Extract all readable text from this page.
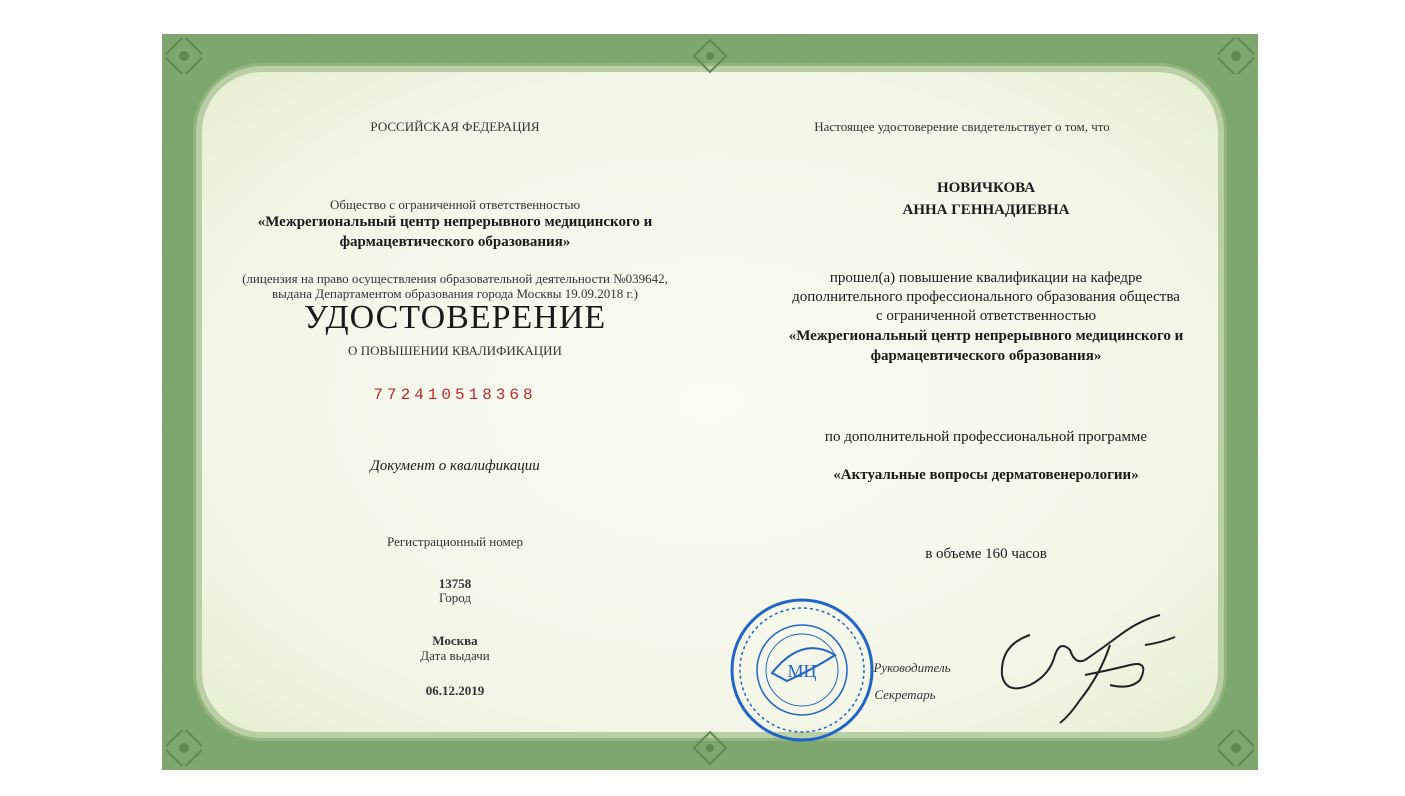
РОССИЙСКАЯ ФЕДЕРАЦИЯ
Общество с ограниченной ответственностью
«Межрегиональный центр непрерывного медицинского и
фармацевтического образования»
(лицензия на право осуществления образовательной деятельности №039642,
выдана Департаментом образования города Москвы 19.09.2018 г.)
УДОСТОВЕРЕНИЕ
О ПОВЫШЕНИИ КВАЛИФИКАЦИИ
772410518368
Документ о квалификации
Регистрационный номер
13758
Город
Москва
Дата выдачи
06.12.2019
Настоящее удостоверение свидетельствует о том, что
НОВИЧКОВА
АННА ГЕННАДИЕВНА
прошел(а) повышение квалификации на кафедре
дополнительного профессионального образования общества
с ограниченной ответственностью
«Межрегиональный центр непрерывного медицинского и
фармацевтического образования»
по дополнительной профессиональной программе
«Актуальные вопросы дерматовенерологии»
в объеме 160 часов
Руководитель
Секретарь
МЦ
